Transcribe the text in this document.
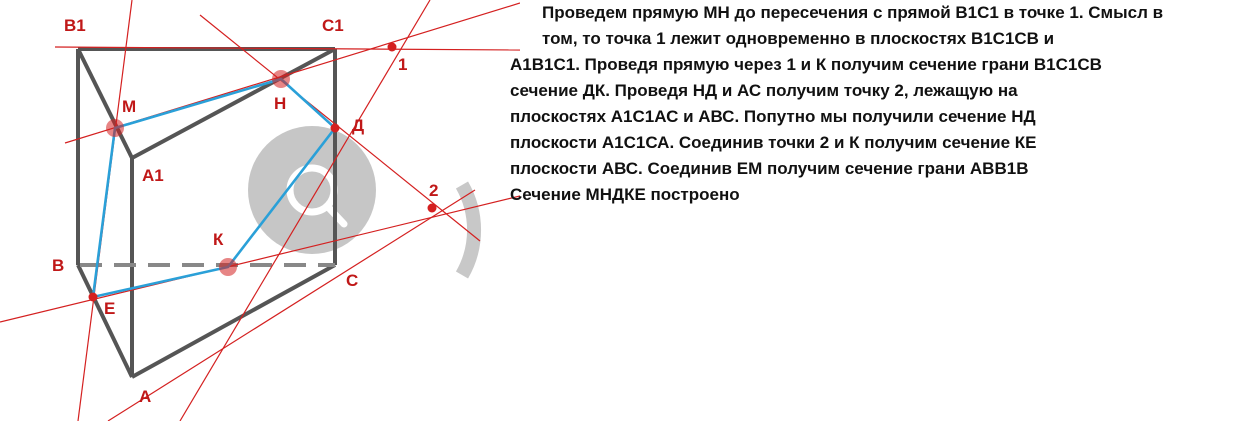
B1	C1
1
M	H
Д
A1
2
К
B
C
E
A
Проведем прямую МН до пересечения с прямой B1C1 в точке 1. Смысл в
том, то точка 1 лежит одновременно в плоскостях B1C1CB и
A1B1C1. Проведя прямую через 1 и К получим сечение грани B1C1CB
сечение ДК. Проведя НД и АС получим точку 2, лежащую на
плоскостях А1С1АС и АВС. Попутно мы получили сечение НД
плоскости А1С1СА. Соединив точки 2 и К получим сечение КЕ
плоскости АВС. Соединив ЕМ получим сечение грани ABB1B
Сечение МНДКЕ построено
